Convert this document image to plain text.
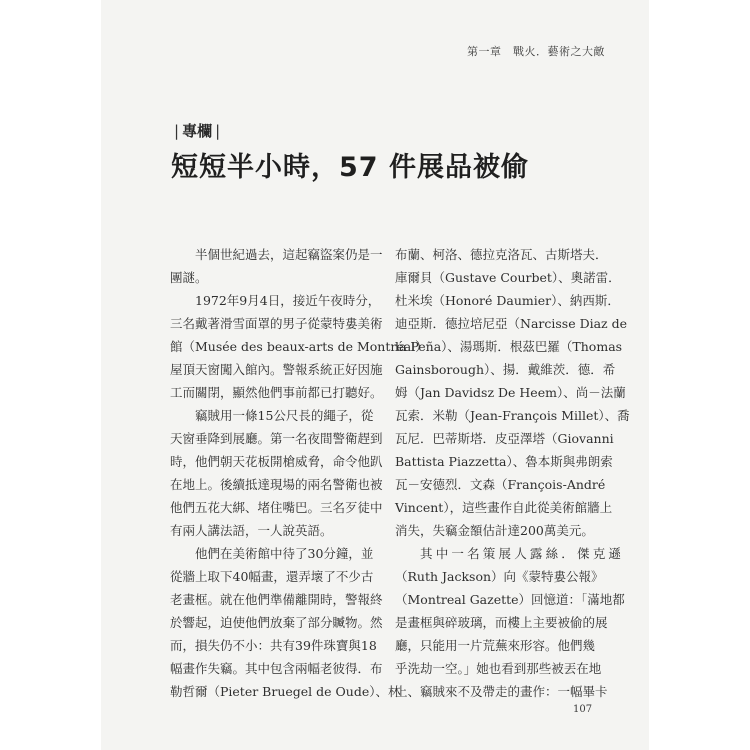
第一章　戰火．藝術之大敵
| 專欄 |
短短半小時，57 件展品被偷
半個世紀過去，這起竊盜案仍是一
團謎。
1972年9月4日，接近午夜時分，
三名戴著滑雪面罩的男子從蒙特婁美術
館（Musée des beaux-arts de Montréal）
屋頂天窗闖入館內。警報系統正好因施
工而關閉，顯然他們事前都已打聽好。
竊賊用一條15公尺長的繩子，從
天窗垂降到展廳。第一名夜間警衛趕到
時，他們朝天花板開槍威脅，命令他趴
在地上。後續抵達現場的兩名警衛也被
他們五花大綁、堵住嘴巴。三名歹徒中
有兩人講法語，一人說英語。
他們在美術館中待了30分鐘，並
從牆上取下40幅畫，還弄壞了不少古
老畫框。就在他們準備離開時，警報終
於響起，迫使他們放棄了部分贓物。然
而，損失仍不小：共有39件珠寶與18
幅畫作失竊。其中包含兩幅老彼得．布
勒哲爾（Pieter Bruegel de Oude）、林
布蘭、柯洛、德拉克洛瓦、古斯塔夫．
庫爾貝（Gustave Courbet）、奧諾雷．
杜米埃（Honoré Daumier）、納西斯．
迪亞斯．德拉培尼亞（Narcisse Diaz de
la Peña）、湯瑪斯．根茲巴羅（Thomas
Gainsborough）、揚．戴維茨．德．希
姆（Jan Davidsz De Heem）、尚－法蘭
瓦索．米勒（Jean-François Millet）、喬
瓦尼．巴蒂斯塔．皮亞澤塔（Giovanni
Battista Piazzetta）、魯本斯與弗朗索
瓦－安德烈．文森（François-André
Vincent），這些畫作自此從美術館牆上
消失，失竊金額估計達200萬美元。
其中一名策展人露絲．傑克遜
（Ruth Jackson）向《蒙特婁公報》
（Montreal Gazette）回憶道：「滿地都
是畫框與碎玻璃，而樓上主要被偷的展
廳，只能用一片荒蕪來形容。他們幾
乎洗劫一空。」她也看到那些被丟在地
上、竊賊來不及帶走的畫作：一幅畢卡
107
